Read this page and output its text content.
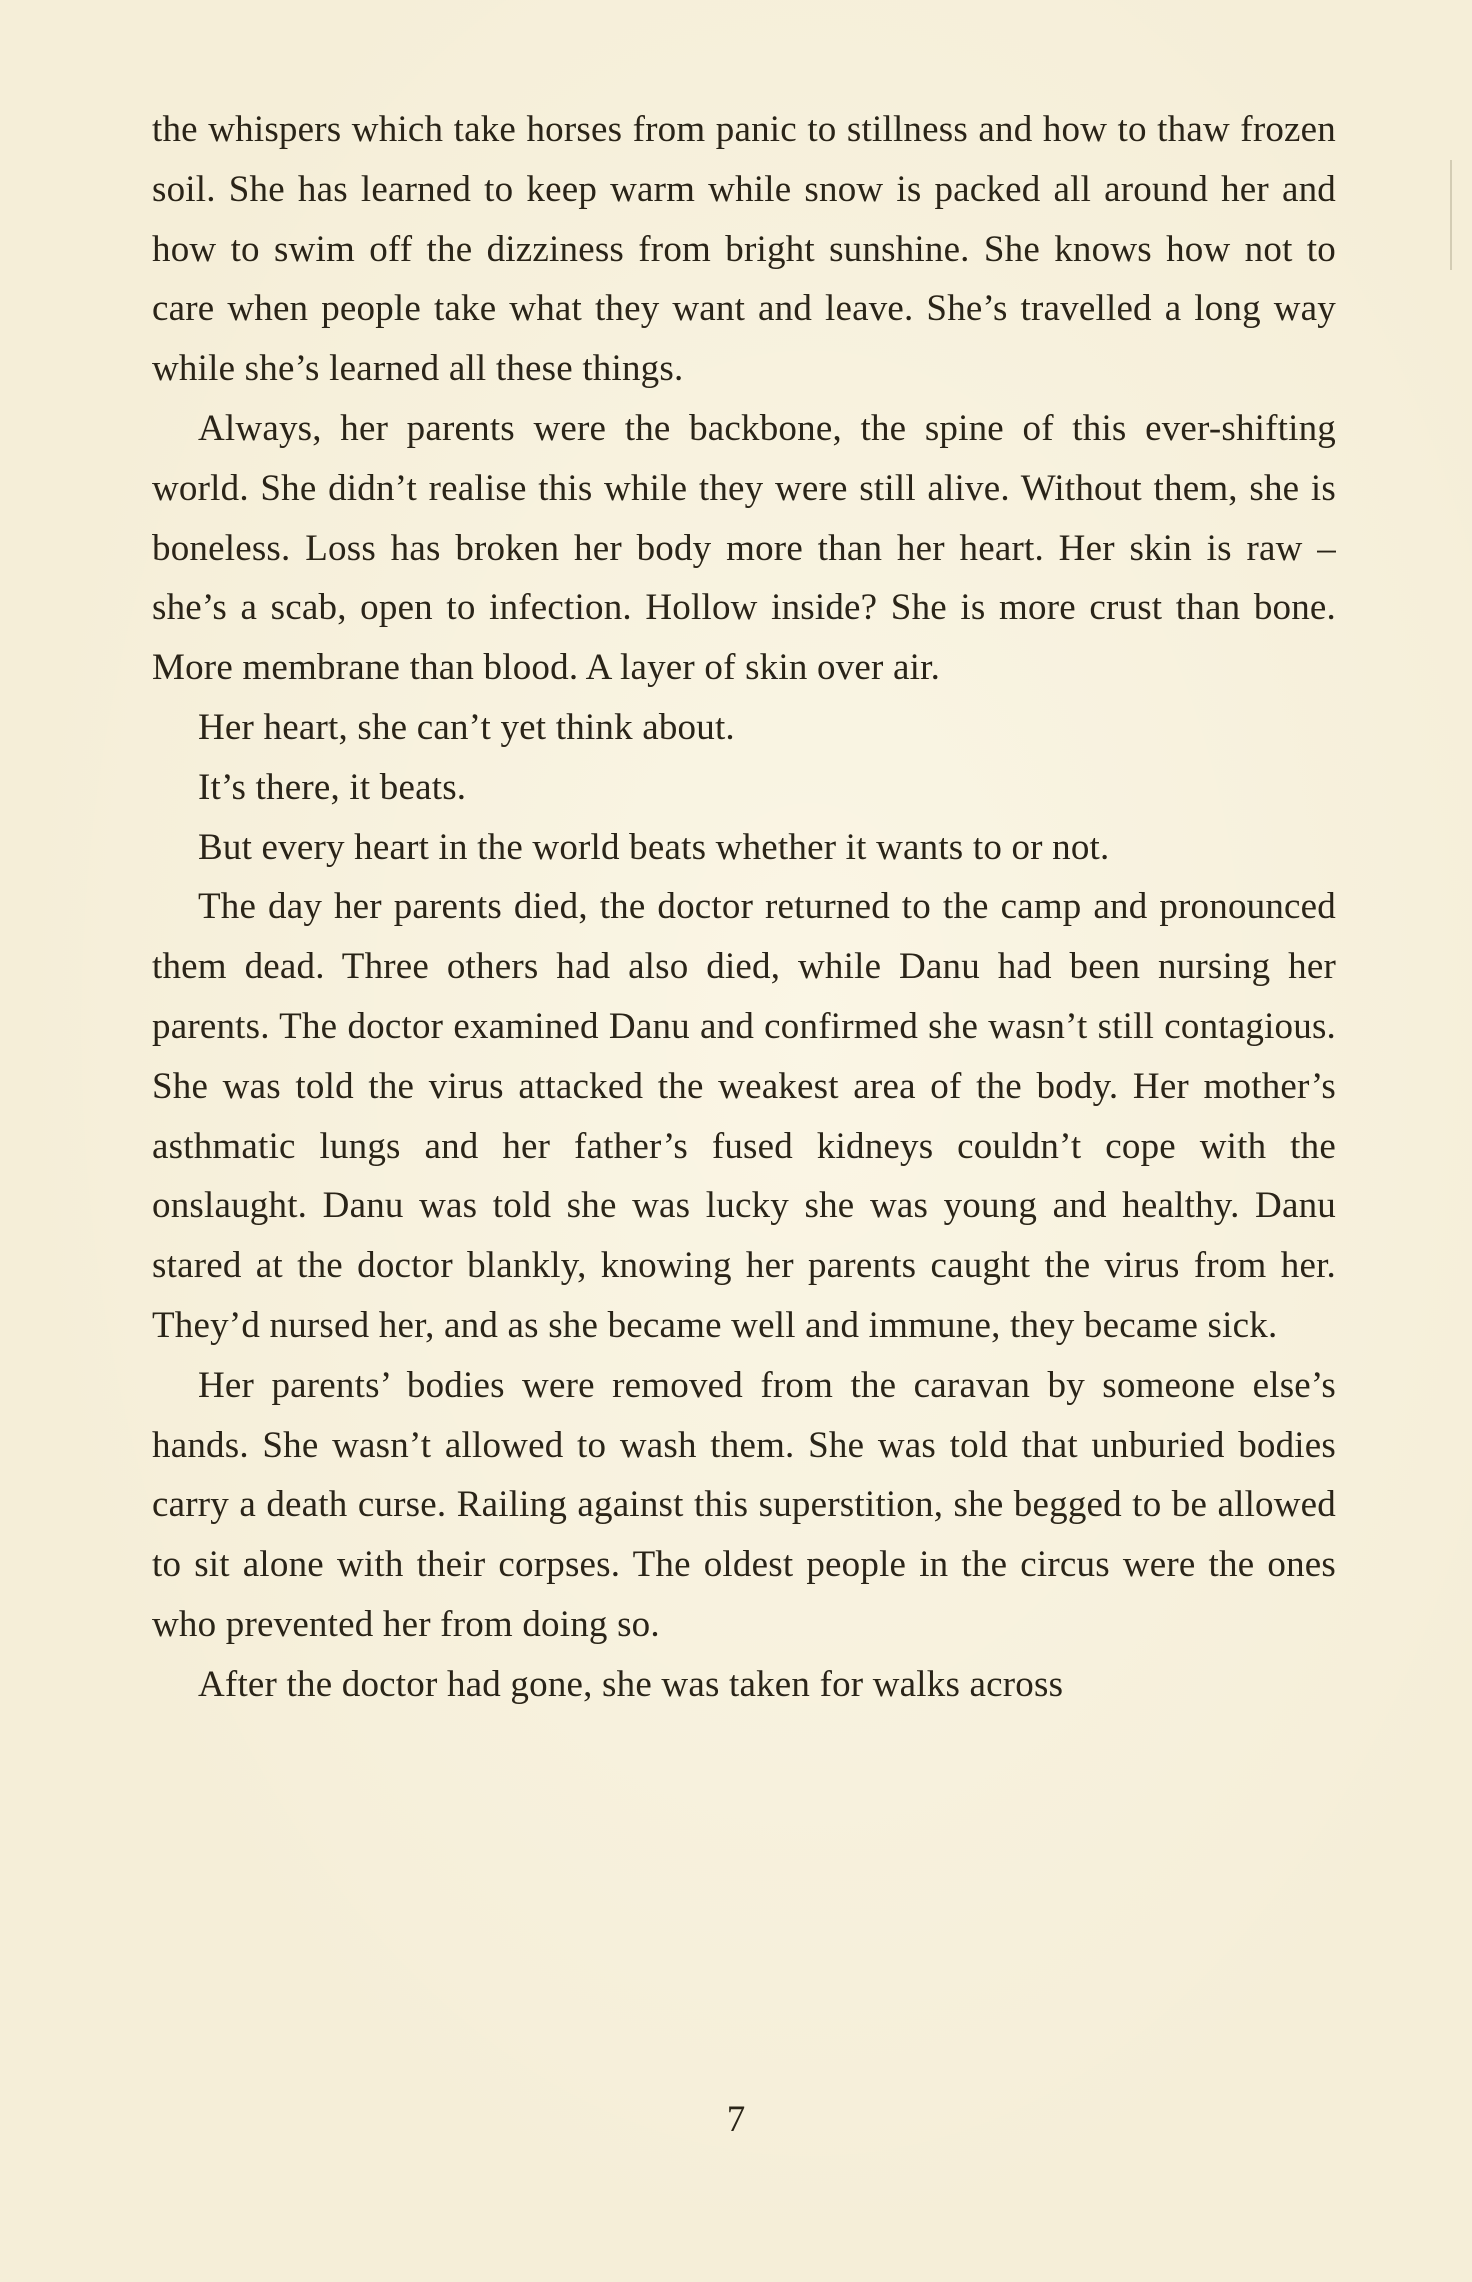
the whispers which take horses from panic to stillness and how to thaw frozen soil. She has learned to keep warm while snow is packed all around her and how to swim off the dizziness from bright sunshine. She knows how not to care when people take what they want and leave. She’s travelled a long way while she’s learned all these things.

Always, her parents were the backbone, the spine of this ever-shifting world. She didn’t realise this while they were still alive. Without them, she is boneless. Loss has broken her body more than her heart. Her skin is raw – she’s a scab, open to infection. Hollow inside? She is more crust than bone. More membrane than blood. A layer of skin over air.

Her heart, she can’t yet think about.

It’s there, it beats.

But every heart in the world beats whether it wants to or not.

The day her parents died, the doctor returned to the camp and pronounced them dead. Three others had also died, while Danu had been nursing her parents. The doctor examined Danu and confirmed she wasn’t still contagious. She was told the virus attacked the weakest area of the body. Her mother’s asthmatic lungs and her father’s fused kidneys couldn’t cope with the onslaught. Danu was told she was lucky she was young and healthy. Danu stared at the doctor blankly, knowing her parents caught the virus from her. They’d nursed her, and as she became well and immune, they became sick.

Her parents’ bodies were removed from the caravan by someone else’s hands. She wasn’t allowed to wash them. She was told that unburied bodies carry a death curse. Railing against this superstition, she begged to be allowed to sit alone with their corpses. The oldest people in the circus were the ones who prevented her from doing so.

After the doctor had gone, she was taken for walks across

7
